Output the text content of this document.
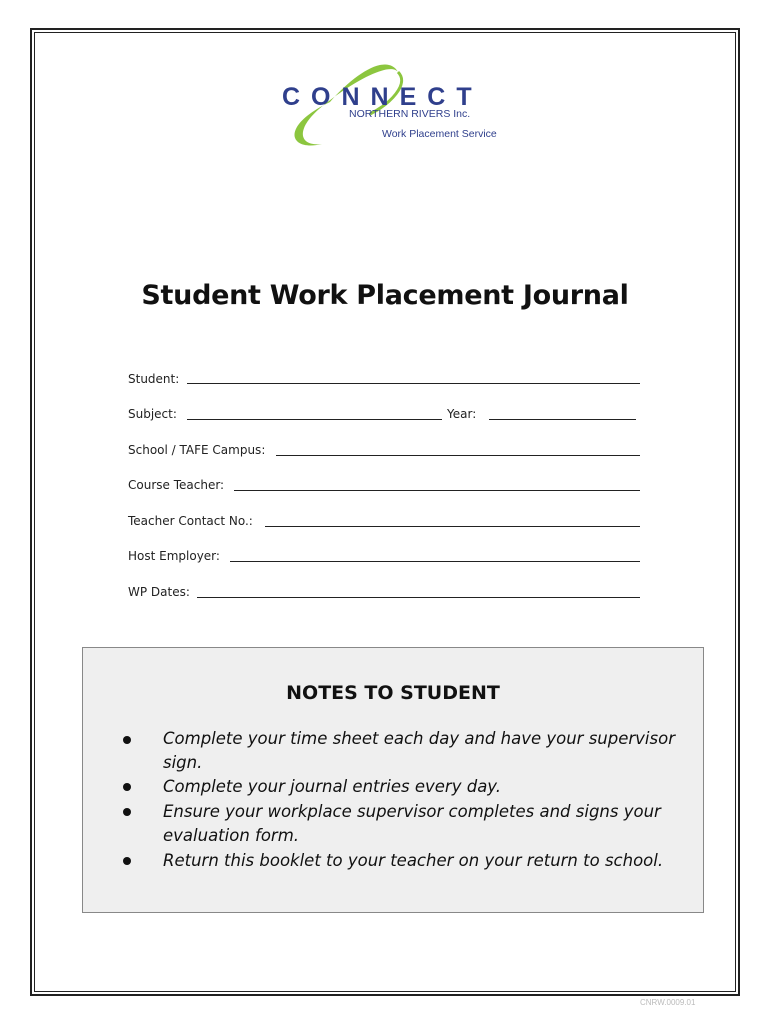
CONNECT
NORTHERN RIVERS Inc.
Work Placement Service
Student Work Placement Journal
Student:
Subject:	Year:
School / TAFE Campus:
Course Teacher:
Teacher Contact No.:
Host Employer:
WP Dates:
NOTES TO STUDENT
Complete your time sheet each day and have your supervisor sign.
Complete your journal entries every day.
Ensure your workplace supervisor completes and signs your evaluation form.
Return this booklet to your teacher on your return to school.
CNRW.0009.01
